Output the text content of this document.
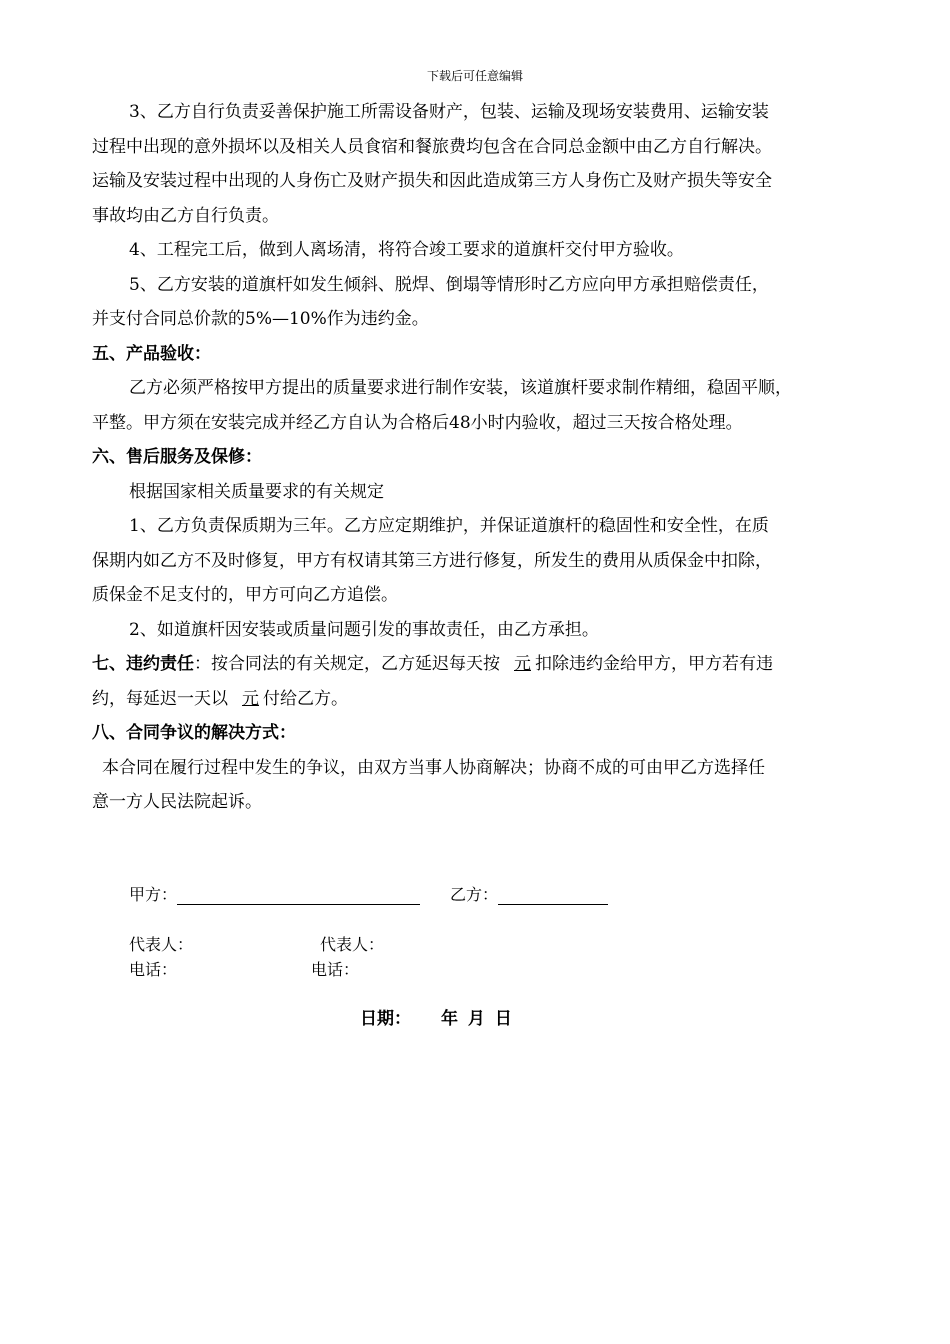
下载后可任意编辑

3、乙方自行负责妥善保护施工所需设备财产，包装、运输及现场安装费用、运输安装

过程中出现的意外损坏以及相关人员食宿和餐旅费均包含在合同总金额中由乙方自行解决。

运输及安装过程中出现的人身伤亡及财产损失和因此造成第三方人身伤亡及财产损失等安全

事故均由乙方自行负责。

4、工程完工后，做到人离场清，将符合竣工要求的道旗杆交付甲方验收。

5、乙方安装的道旗杆如发生倾斜、脱焊、倒塌等情形时乙方应向甲方承担赔偿责任，

并支付合同总价款的5%—10%作为违约金。

五、产品验收：

乙方必须严格按甲方提出的质量要求进行制作安装，该道旗杆要求制作精细，稳固平顺，

平整。甲方须在安装完成并经乙方自认为合格后48小时内验收，超过三天按合格处理。

六、售后服务及保修：

根据国家相关质量要求的有关规定

1、乙方负责保质期为三年。乙方应定期维护，并保证道旗杆的稳固性和安全性，在质

保期内如乙方不及时修复，甲方有权请其第三方进行修复，所发生的费用从质保金中扣除，

质保金不足支付的，甲方可向乙方追偿。

2、如道旗杆因安装或质量问题引发的事故责任，由乙方承担。

七、违约责任：按合同法的有关规定，乙方延迟每天按 元 扣除违约金给甲方，甲方若有违

约，每延迟一天以 元 付给乙方。

八、合同争议的解决方式：

本合同在履行过程中发生的争议，由双方当事人协商解决；协商不成的可由甲乙方选择任

意一方人民法院起诉。

甲方：	乙方：
代表人：	代表人：
电话：	电话：
日期： 年 月 日
